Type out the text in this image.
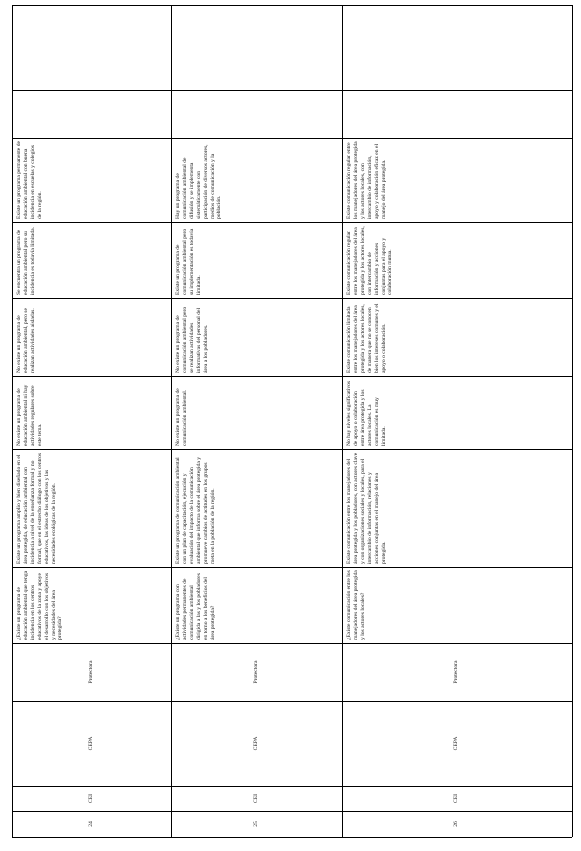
Existe un programa permanente de educación ambiental con buena incidencia en escuelas y colegios de la región.
Se encuentra un programa de educación ambiental pero su incidencia es todavía limitada.
No existe un programa de educación ambiental, pero se realizan actividades aisladas.
No existe un programa de educación ambiental ni hay actividades regulares sobre este tema.
Existe un programa amplio y bien diseñado en el área protegida, de educación ambiental con incidencia a nivel de la enseñanza formal y no formal, que en el estrecho diálogo con los centros educativos, las ideas de los objetivos y las necesidades ecológicas de la región.
¿Existe un programa de educación ambiental que tenga incidencia en los centros educativos de la zona y apoye el desarrollo con los objetivos y necesidades del área protegida?
Protectora
CEPA
CEI
24
Hay un programa de comunicación ambiental de difusión y se implementa sistemáticamente con participación de diversos actores, medios de comunicación y la población.
Existe un programa de comunicación ambiental pero su implementación es todavía limitada.
No existe un programa de comunicación ambiental pero se realizan actividades informativas del personal del área a los pobladores.
No existe un programa de comunicación ambiental.
Existe un programa de comunicación ambiental con un plan de capacitación, ejecución y evaluación del impacto de la comunicación ambiental que informa sobre el área protegida y promueve cambios de actitudes en los grupos meta en la población de la región.
¿Existe un programa con actividades permanentes de comunicación ambiental dirigida a las y los pobladores en torno a los beneficios del área protegida?
Protectora
CEPA
CEI
25
Existe comunicación regular entre los manejadores del área protegida y los actores locales, con intercambio de información, apoyo y colaboración eficaz en el manejo del área protegida.
Existe comunicación regular entre los manejadores del área protegida y los actores locales, con intercambio de información y acciones conjuntas para el apoyo y colaboración mutua.
Existe comunicación limitada entre los manejadores del área protegida y los actores locales, de manera que no se conocen bien los intereses comunes y el apoyo o colaboración.
No hay niveles significativos de apoyo o colaboración entre área protegida y los actores locales. La comunicación es muy limitada.
Existe comunicación entre los manejadores del área protegida y los pobladores, con actores clave y con organizaciones sociales y locales, para el intercambio de información, relaciones y acciones conjuntas en el manejo del área protegida.
¿Existe comunicación entre los manejadores del área protegida y los actores locales?
Protectora
CEPA
CEI
26
